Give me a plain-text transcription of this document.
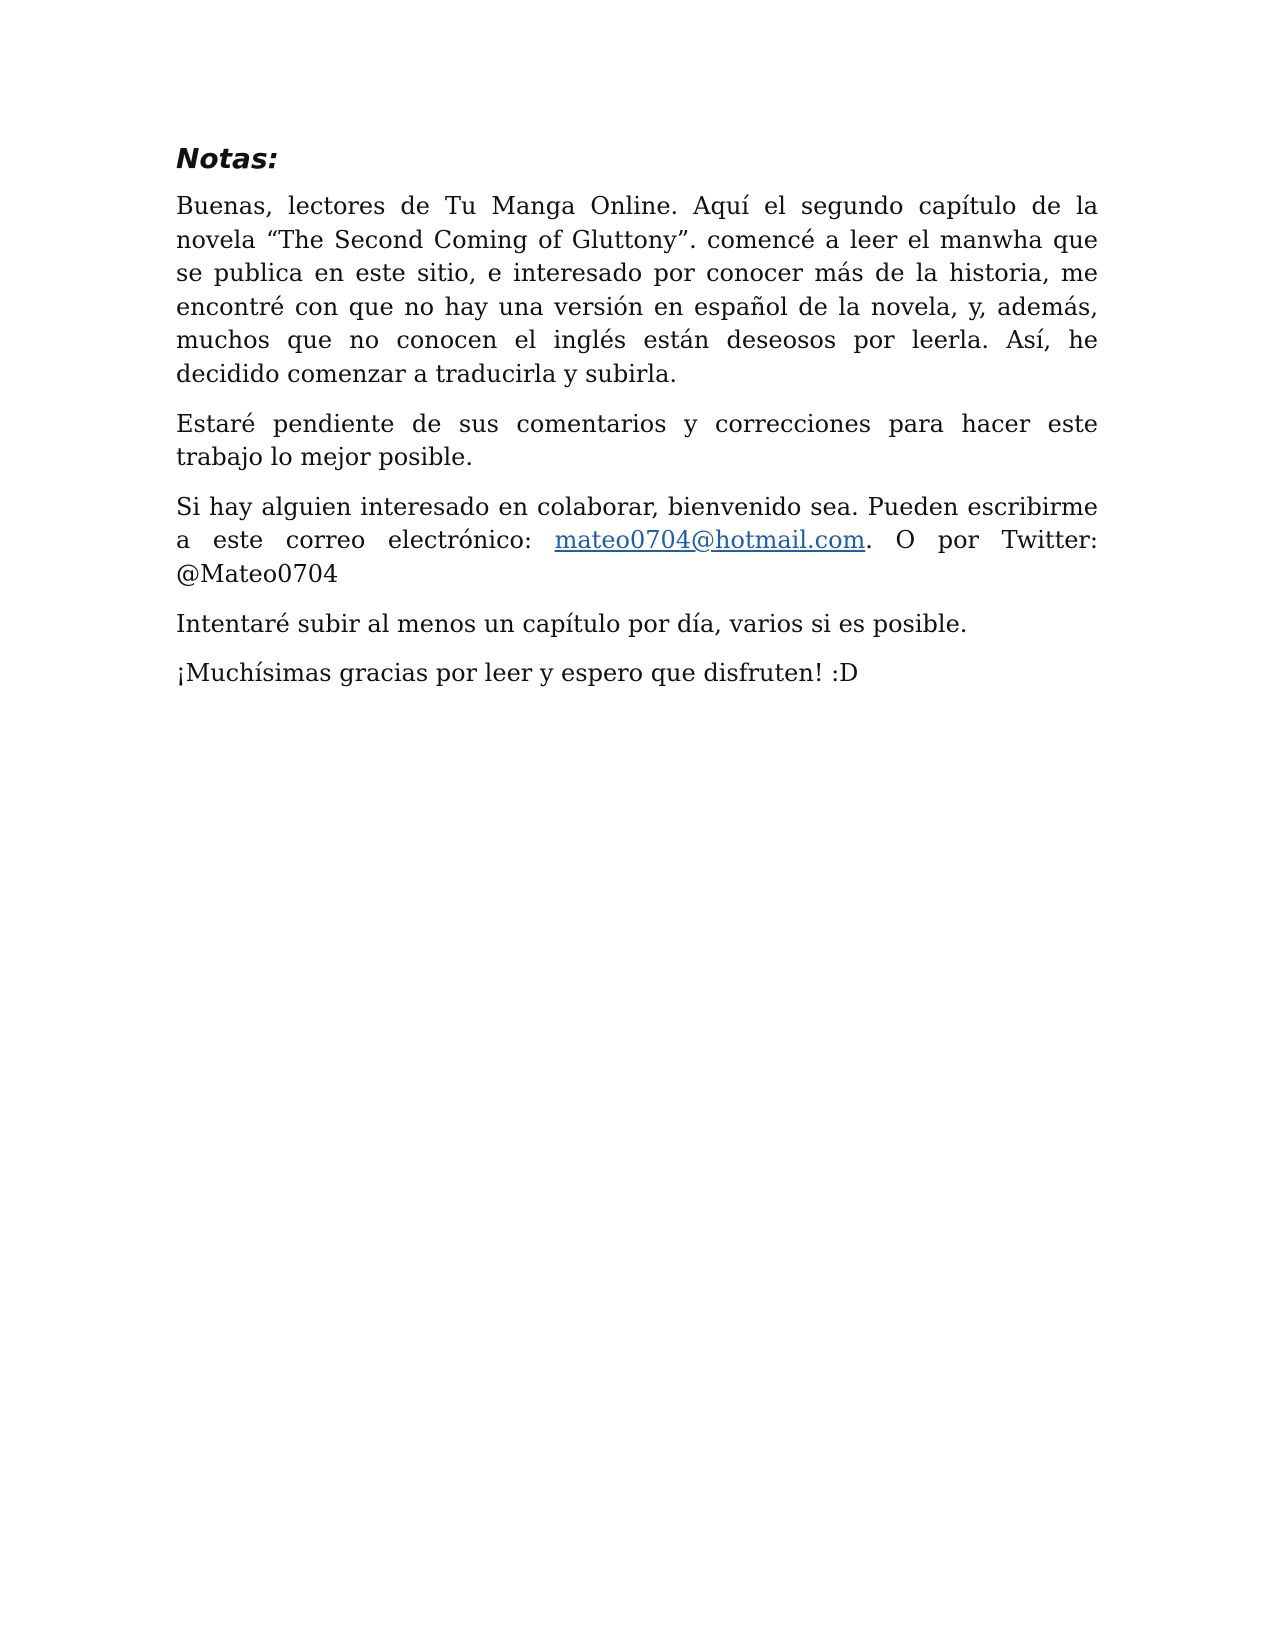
Notas:

Buenas, lectores de Tu Manga Online. Aquí el segundo capítulo de la novela “The Second Coming of Gluttony”. comencé a leer el manwha que se publica en este sitio, e interesado por conocer más de la historia, me encontré con que no hay una versión en español de la novela, y, además, muchos que no conocen el inglés están deseosos por leerla. Así, he decidido comenzar a traducirla y subirla.

Estaré pendiente de sus comentarios y correcciones para hacer este trabajo lo mejor posible.

Si hay alguien interesado en colaborar, bienvenido sea. Pueden escribirme a este correo electrónico: mateo0704@hotmail.com. O por Twitter: @Mateo0704

Intentaré subir al menos un capítulo por día, varios si es posible.

¡Muchísimas gracias por leer y espero que disfruten! :D
